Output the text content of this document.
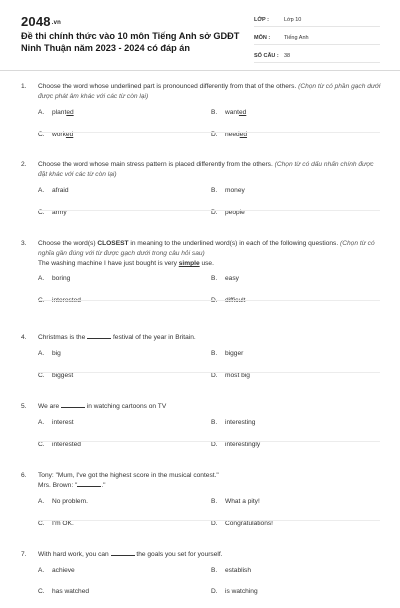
2048.vn
Đề thi chính thức vào 10 môn Tiếng Anh sở GDĐT Ninh Thuận năm 2023 - 2024 có đáp án
LỚP :	Lớp 10
MÔN :	Tiếng Anh
SỐ CÂU : 38
1.	Choose the word whose underlined part is pronounced differently from that of the others. (Chọn từ có phần gạch dưới được phát âm khác với các từ còn lại)
A.	plant ed	B.	want ed
C.	work ed	D.	need ed
2.	Choose the word whose main stress pattern is placed differently from the others. (Chọn từ có dấu nhấn chính được đặt khác với các từ còn lại)
A.	afraid	B.	money
C.	army	D.	people
3.	Choose the word(s) CLOSEST in meaning to the underlined word(s) in each of the following questions. (Chọn từ có nghĩa gần đúng với từ được gạch dưới trong câu hỏi sau)
The washing machine I have just bought is very simple use.
A.	boring	B.	easy
C.	interested	D.	difficult
4.	Christmas is the	festival of the year in Britain.
A.	big	B.	bigger
C.	biggest	D.	most big
5.	We are	in watching cartoons on TV
A.	interest	B.	interesting
C.	interested	D.	interestingly
6.	Tony: "Mum, I've got the highest score in the musical contest."
Mrs. Brown: "	."
A.	No problem.	B.	What a pity!
C.	I'm OK.	D.	Congratulations!
7.	With hard work, you can	the goals you set for yourself.
A.	achieve	B.	establish
C.	has watched	D.	is watching
